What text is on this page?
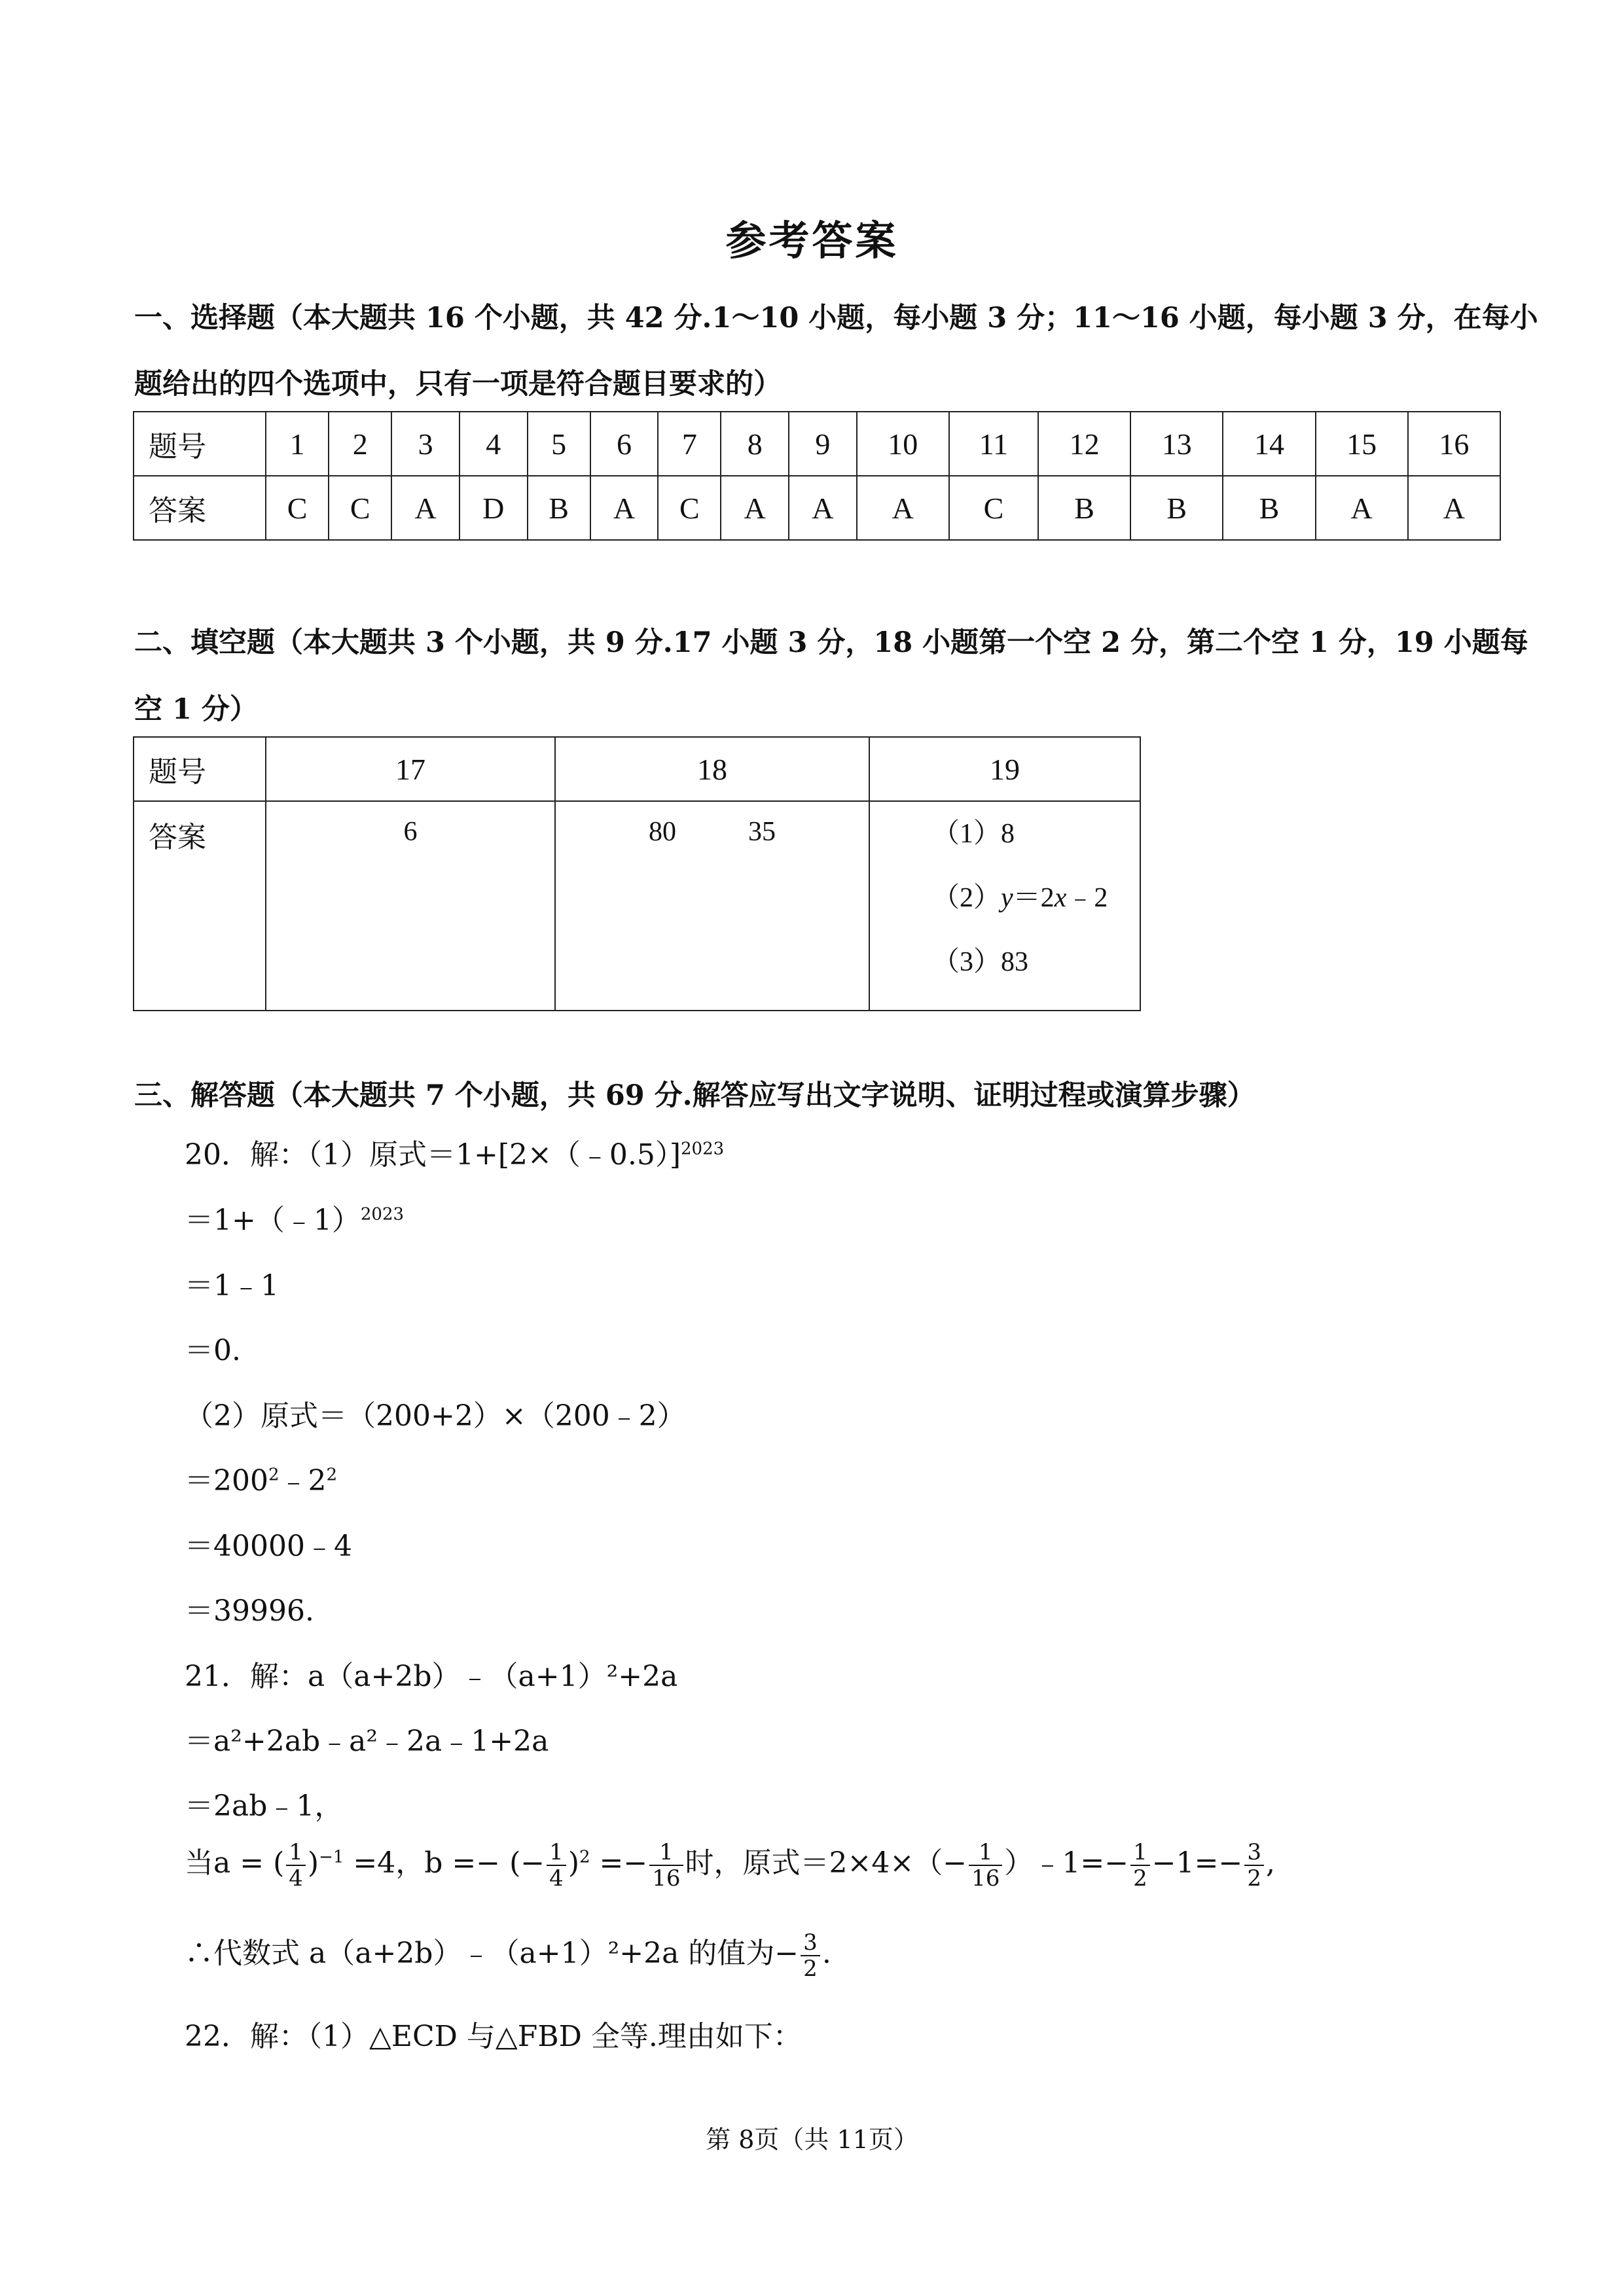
参考答案
一、选择题（本大题共 16 个小题，共 42 分.1～10 小题，每小题 3 分；11～16 小题，每小题 3 分，在每小
题给出的四个选项中，只有一项是符合题目要求的）
题号	1	2	3	4	5	6	7	8	9	10	11	12	13	14	15	16
答案	C	C	A	D	B	A	C	A	A	A	C	B	B	B	A	A
二、填空题（本大题共 3 个小题，共 9 分.17 小题 3 分，18 小题第一个空 2 分，第二个空 1 分，19 小题每
空 1 分）
题号	17	18	19
答案	6	80 35	（1）8
（2）y＝2x﹣2
（3）83
三、解答题（本大题共 7 个小题，共 69 分.解答应写出文字说明、证明过程或演算步骤）
20．解：（1）原式＝1+[2×（﹣0.5）]$^{2023}$
＝1+（﹣1）$^{2023}$
＝1﹣1
＝0.
（2）原式＝（200+2）×（200﹣2）
$=200^2﹣2^2$
＝40000﹣4
＝39996.
21．解：a（a+2b）﹣（a+1）²+2a
＝a²+2ab﹣a²﹣2a﹣1+2a
＝2ab﹣1，
当a = ( $\frac{1}{4} )^{-1} =4$，b =− (− $\frac{1}{4} )^2 =- \frac{1}{16}$ 时，原式$=2\times 4\times(- \frac{1}{16}$ ）﹣1=− $\frac{1}{2} -1=- \frac{3}{2}$ ,
∴代数式 a（a+2b）﹣（a+1）²+2a 的值为− $\frac{3}{2}$ .
22．解：（1）△ECD 与△FBD 全等.理由如下：
第 8页（共 11页）
